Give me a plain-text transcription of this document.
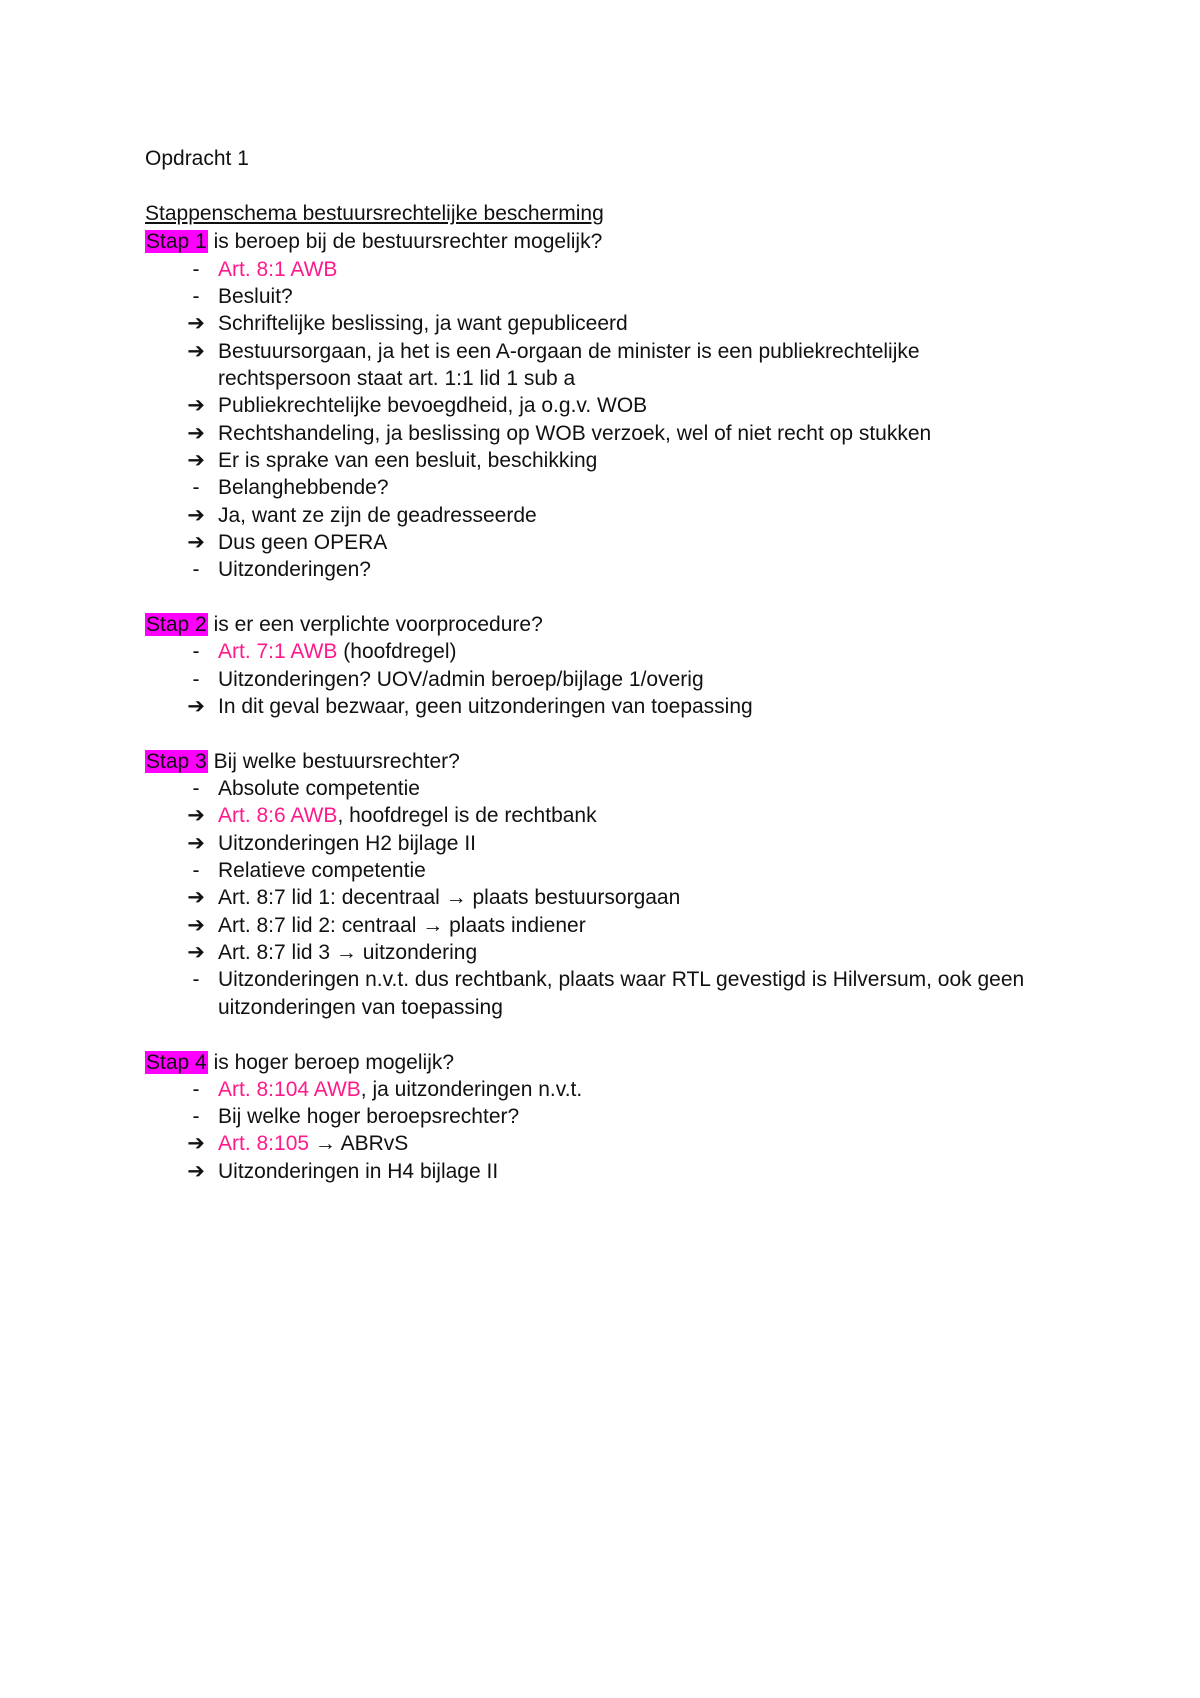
Opdracht 1
Stappenschema bestuursrechtelijke bescherming
Stap 1 is beroep bij de bestuursrechter mogelijk?
- Art. 8:1 AWB
- Besluit?
➔ Schriftelijke beslissing, ja want gepubliceerd
➔ Bestuursorgaan, ja het is een A-orgaan de minister is een publiekrechtelijke
rechtspersoon staat art. 1:1 lid 1 sub a
➔ Publiekrechtelijke bevoegdheid, ja o.g.v. WOB
➔ Rechtshandeling, ja beslissing op WOB verzoek, wel of niet recht op stukken
➔ Er is sprake van een besluit, beschikking
- Belanghebbende?
➔ Ja, want ze zijn de geadresseerde
➔ Dus geen OPERA
- Uitzonderingen?
Stap 2 is er een verplichte voorprocedure?
- Art. 7:1 AWB (hoofdregel)
- Uitzonderingen? UOV/admin beroep/bijlage 1/overig
➔ In dit geval bezwaar, geen uitzonderingen van toepassing
Stap 3 Bij welke bestuursrechter?
- Absolute competentie
➔ Art. 8:6 AWB, hoofdregel is de rechtbank
➔ Uitzonderingen H2 bijlage II
- Relatieve competentie
➔ Art. 8:7 lid 1: decentraal → plaats bestuursorgaan
➔ Art. 8:7 lid 2: centraal → plaats indiener
➔ Art. 8:7 lid 3 → uitzondering
- Uitzonderingen n.v.t. dus rechtbank, plaats waar RTL gevestigd is Hilversum, ook geen
uitzonderingen van toepassing
Stap 4 is hoger beroep mogelijk?
- Art. 8:104 AWB, ja uitzonderingen n.v.t.
- Bij welke hoger beroepsrechter?
➔ Art. 8:105 → ABRvS
➔ Uitzonderingen in H4 bijlage II
